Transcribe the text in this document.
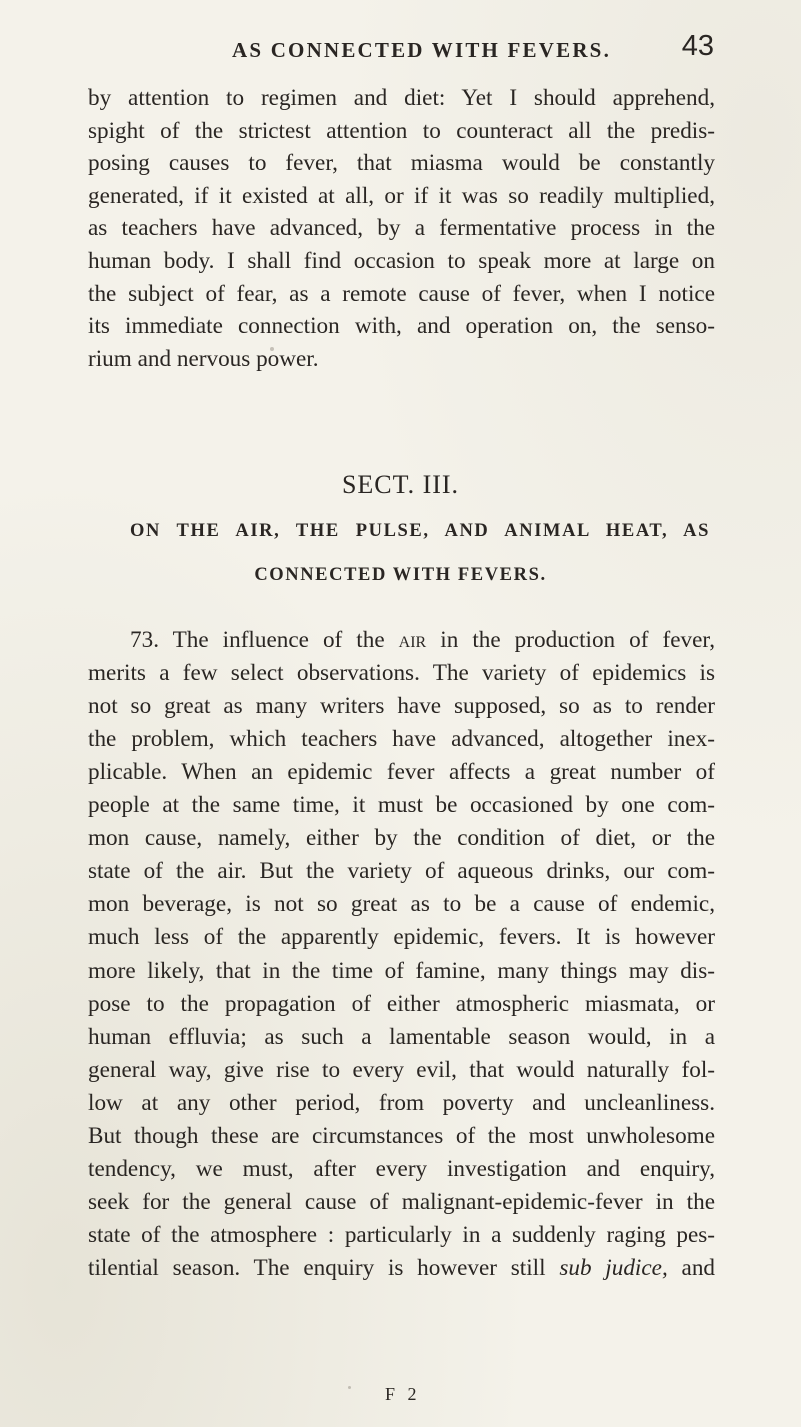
AS CONNECTED WITH FEVERS. 43
by attention to regimen and diet: Yet I should apprehend,
spight of the strictest attention to counteract all the predis-
posing causes to fever, that miasma would be constantly
generated, if it existed at all, or if it was so readily multiplied,
as teachers have advanced, by a fermentative process in the
human body. I shall find occasion to speak more at large on
the subject of fear, as a remote cause of fever, when I notice
its immediate connection with, and operation on, the senso-
rium and nervous power.
SECT. III.
ON THE AIR, THE PULSE, AND ANIMAL HEAT, AS
CONNECTED WITH FEVERS.
73. The influence of the air in the production of fever,
merits a few select observations. The variety of epidemics is
not so great as many writers have supposed, so as to render
the problem, which teachers have advanced, altogether inex-
plicable. When an epidemic fever affects a great number of
people at the same time, it must be occasioned by one com-
mon cause, namely, either by the condition of diet, or the
state of the air. But the variety of aqueous drinks, our com-
mon beverage, is not so great as to be a cause of endemic,
much less of the apparently epidemic, fevers. It is however
more likely, that in the time of famine, many things may dis-
pose to the propagation of either atmospheric miasmata, or
human effluvia; as such a lamentable season would, in a
general way, give rise to every evil, that would naturally fol-
low at any other period, from poverty and uncleanliness.
But though these are circumstances of the most unwholesome
tendency, we must, after every investigation and enquiry,
seek for the general cause of malignant-epidemic-fever in the
state of the atmosphere : particularly in a suddenly raging pes-
tilential season. The enquiry is however still sub judice, and
F 2
